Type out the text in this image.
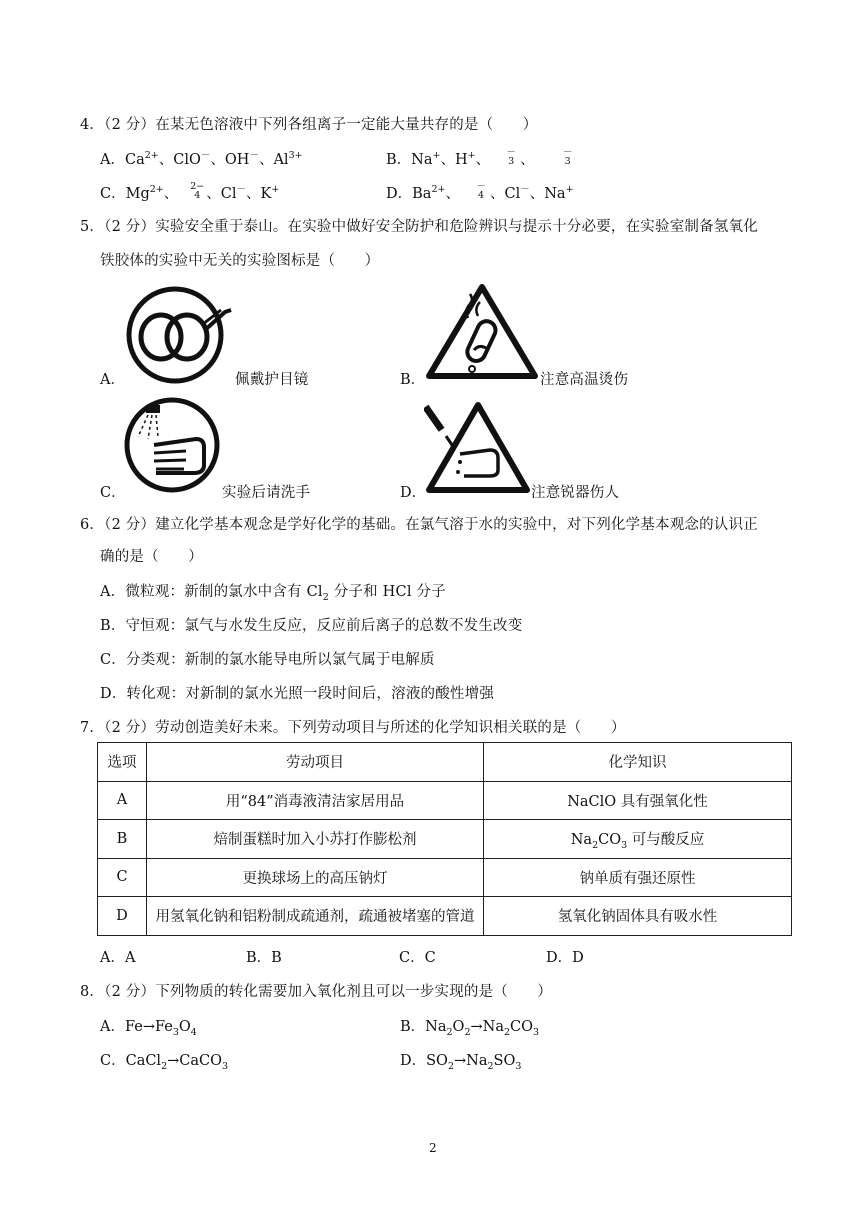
4．（2 分）在某无色溶液中下列各组离子一定能大量共存的是（　　）
A．$Ca^{2+}$、ClO－、OH－、$Al^{3+}$	B．Na+、H+、 －
3 、	－
3
C．$Mg^{2+}$、 2−
4 、Cl－、K+	D．$Ba^{2+}$、 －
4 、Cl－、Na+
5．（2 分）实验安全重于泰山。在实验中做好安全防护和危险辨识与提示十分必要，在实验室制备氢氧化
铁胶体的实验中无关的实验图标是（　　）
A．	佩戴护目镜	B．	注意高温烫伤
C．	实验后请洗手	D．	注意锐器伤人
6．（2 分）建立化学基本观念是学好化学的基础。在氯气溶于水的实验中，对下列化学基本观念的认识正
确的是（　　）
A．微粒观：新制的氯水中含有 $Cl_2$ 分子和 HCl 分子
B．守恒观：氯气与水发生反应，反应前后离子的总数不发生改变
C．分类观：新制的氯水能导电所以氯气属于电解质
D．转化观：对新制的氯水光照一段时间后，溶液的酸性增强
7．（2 分）劳动创造美好未来。下列劳动项目与所述的化学知识相关联的是（　　）
选项	劳动项目	化学知识
A	用“84”消毒液清洁家居用品	NaClO 具有强氧化性
B	焙制蛋糕时加入小苏打作膨松剂	$Na_2CO_3$ 可与酸反应
C	更换球场上的高压钠灯	钠单质有强还原性
D	用氢氧化钠和铝粉制成疏通剂，疏通被堵塞的管道	氢氧化钠固体具有吸水性
A．A	B．B	C．C	D．D
8．（2 分）下列物质的转化需要加入氧化剂且可以一步实现的是（　　）
A．$Fe\to Fe_3O_4$	B．$Na_2O_2\to Na_2CO_3$
C．CaCl$_2$→CaCO$_3$	D．$SO_2\to Na_2SO_3$
2
